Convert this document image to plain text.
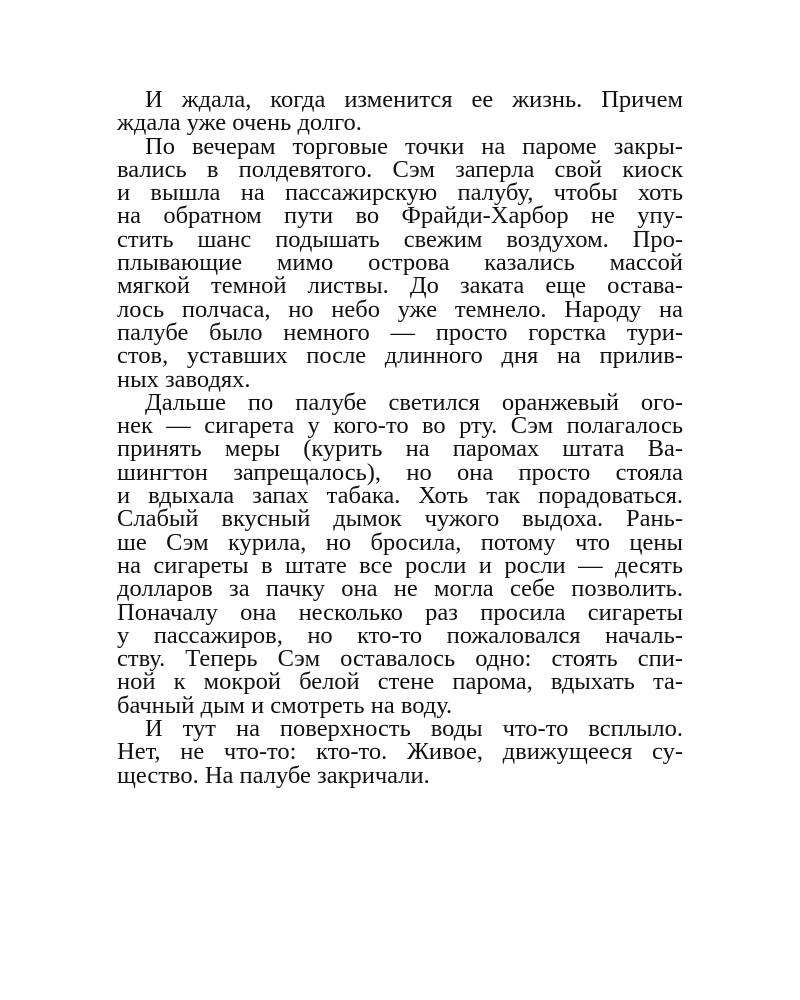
И ждала, когда изменится ее жизнь. Причем
ждала уже очень долго.

По вечерам торговые точки на пароме закры-
вались в полдевятого. Сэм заперла свой киоск
и вышла на пассажирскую палубу, чтобы хоть
на обратном пути во Фрайди-Харбор не упу-
стить шанс подышать свежим воздухом. Про-
плывающие мимо острова казались массой
мягкой темной листвы. До заката еще остава-
лось полчаса, но небо уже темнело. Народу на
палубе было немного — просто горстка тури-
стов, уставших после длинного дня на прилив-
ных заводях.

Дальше по палубе светился оранжевый ого-
нек — сигарета у кого-то во рту. Сэм полагалось
принять меры (курить на паромах штата Ва-
шингтон запрещалось), но она просто стояла
и вдыхала запах табака. Хоть так порадоваться.
Слабый вкусный дымок чужого выдоха. Рань-
ше Сэм курила, но бросила, потому что цены
на сигареты в штате все росли и росли — десять
долларов за пачку она не могла себе позволить.
Поначалу она несколько раз просила сигареты
у пассажиров, но кто-то пожаловался началь-
ству. Теперь Сэм оставалось одно: стоять спи-
ной к мокрой белой стене парома, вдыхать та-
бачный дым и смотреть на воду.

И тут на поверхность воды что-то всплыло.
Нет, не что-то: кто-то. Живое, движущееся су-
щество. На палубе закричали.
